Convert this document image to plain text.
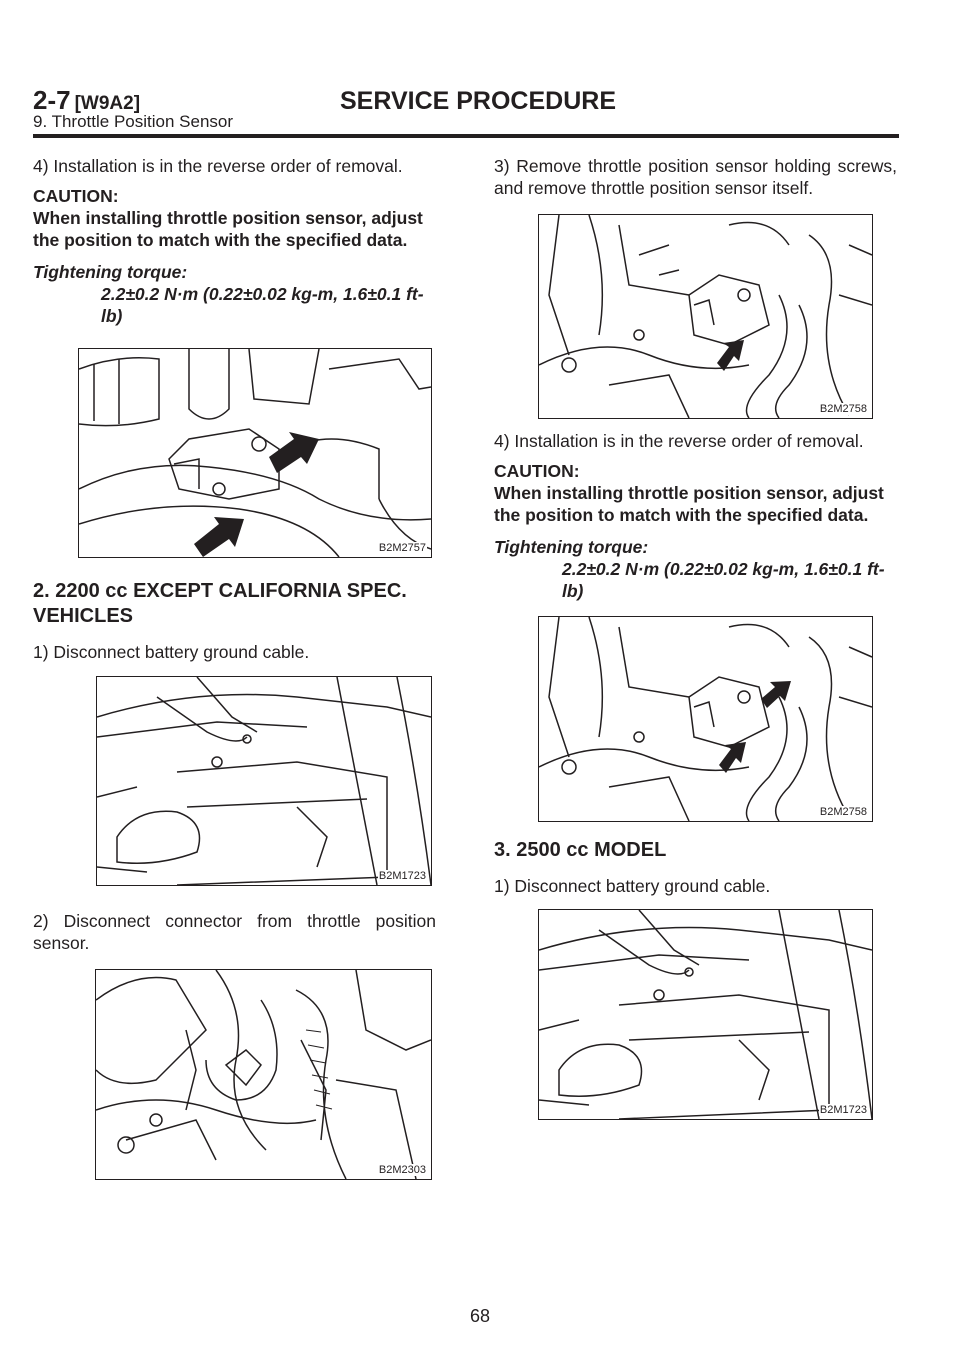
2-7 [W9A2]	SERVICE PROCEDURE
9. Throttle Position Sensor

4) Installation is in the reverse order of removal.

CAUTION:

When installing throttle position sensor, adjust the position to match with the specified data.

Tightening torque:

2.2±0.2 N·m (0.22±0.02 kg-m, 1.6±0.1 ft-lb)

B2M2757
2. 2200 cc EXCEPT CALIFORNIA SPEC. VEHICLES

1) Disconnect battery ground cable.

B2M1723

2) Disconnect connector from throttle position sensor.

B2M2303

3) Remove throttle position sensor holding screws, and remove throttle position sensor itself.

B2M2758

4) Installation is in the reverse order of removal.

CAUTION:

When installing throttle position sensor, adjust the position to match with the specified data.

Tightening torque:

2.2±0.2 N·m (0.22±0.02 kg-m, 1.6±0.1 ft-lb)

B2M2758
3. 2500 cc MODEL

1) Disconnect battery ground cable.

B2M1723
68
